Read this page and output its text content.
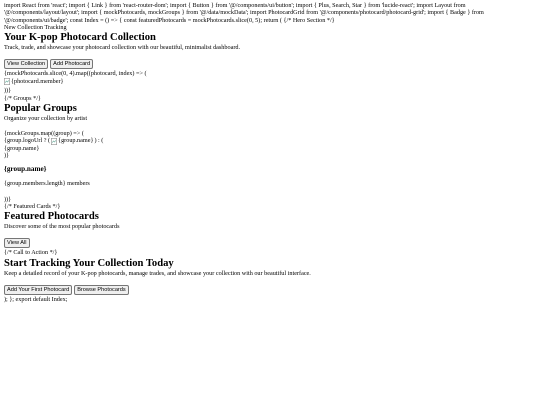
import React from 'react'; import { Link } from 'react-router-dom'; import { Button } from '@/components/ui/button'; import { Plus, Search, Star } from 'lucide-react'; import Layout from '@/components/layout/layout'; import { mockPhotocards, mockGroups } from '@/data/mockData'; import PhotocardGrid from '@/components/photocard/photocard-grid'; import { Badge } from '@/components/ui/badge'; const Index = () => { const featuredPhotocards = mockPhotocards.slice(0, 5); return ( {/* Hero Section */}
New Collection Tracking
Your K-pop Photocard Collection

Track, trade, and showcase your photocard collection with our beautiful, minimalist dashboard.

View Collection	Add Photocard
{mockPhotocards.slice(0, 4).map((photocard, index) => (
{photocard.member}
))}
{/* Groups */}
Popular Groups

Organize your collection by artist

{mockGroups.map((group) => (
{group.logoUrl ? ( {group.name} ) : (
{group.name}
)}
{group.name}
{group.members.length} members
))}
{/* Featured Cards */}
Featured Photocards

Discover some of the most popular photocards

View All
{/* Call to Action */}
Start Tracking Your Collection Today

Keep a detailed record of your K-pop photocards, manage trades, and showcase your collection with our beautiful interface.

Add Your First Photocard	Browse Photocards
); }; export default Index;
